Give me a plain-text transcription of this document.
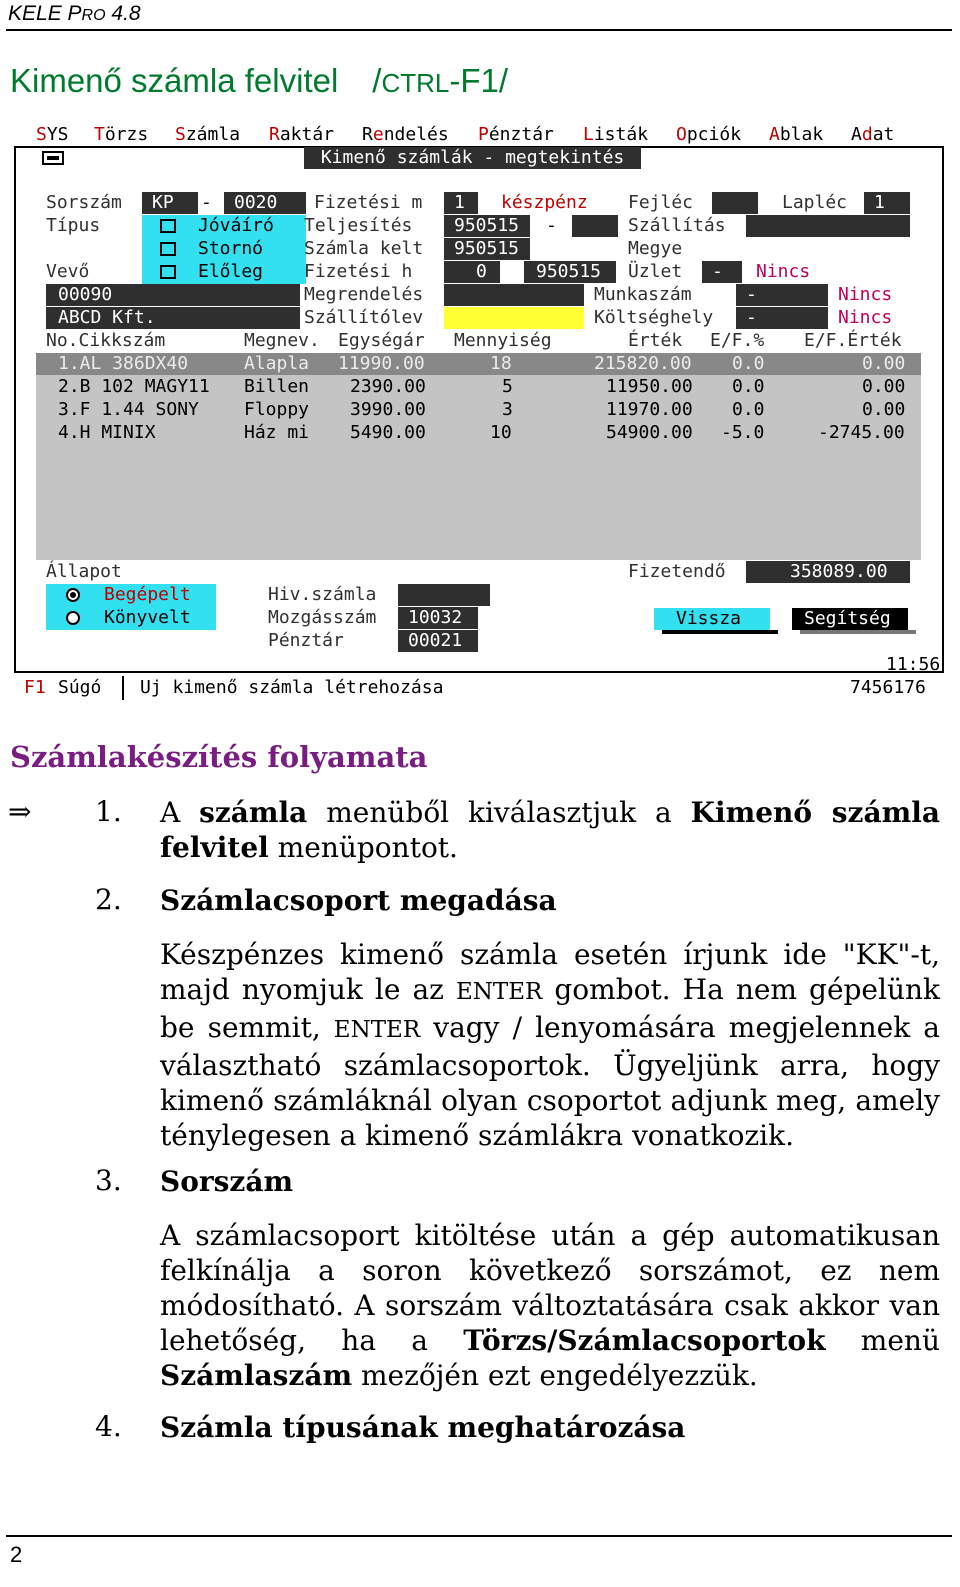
KELE PRO 4.8
Kimenő számla felvitel /CTRL-F1/
SYS Törzs Számla Raktár Rendelés Pénztár Listák Opciók Ablak Adat
Kimenő számlák - megtekintés
Sorszám KP - 0020
Típus	Jóváíró
Stornó
Előleg
Vevő
00090
ABCD Kft.
Fizetési m 1 készpénz
Teljesítés 950515 -
Számla kelt 950515
Fizetési h	0	950515
Megrendelés
Szállítólev
Fejléc	Lapléc 1
Szállítás
Megye
Üzlet - Nincs
Munkaszám	-	Nincs
Költséghely -	Nincs
No.Cikkszám	Megnev. Egységár Mennyiség	Érték E/F.% E/F.Érték
1.AL 386DX40	Alapla 11990.00	18	215820.00 0.0	0.00
2.B 102 MAGY11 Billen 2390.00	5	11950.00 0.0	0.00
3.F 1.44 SONY	Floppy 3990.00	3	11970.00 0.0	0.00
4.H MINIX	Ház mi 5490.00	10	54900.00 -5.0	-2745.00
Állapot
Begépelt
Könyvelt
Hiv.számla
Mozgásszám 10032
Pénztár	00021
Fizetendő	358089.00
Vissza	Segítség
11:56
F1 Súgó Uj kimenő számla létrehozása	7456176
Számlakészítés folyamata
⇒ 1. A számla menüből kiválasztjuk a Kimenő számla felvitel menüpontot.
2. Számlacsoport megadása
Készpénzes kimenő számla esetén írjunk ide "KK"-t, majd nyomjuk le az ENTER gombot. Ha nem gépelünk be semmit, ENTER vagy / lenyomására megjelennek a választható számlacsoportok. Ügyeljünk arra, hogy kimenő számláknál olyan csoportot adjunk meg, amely ténylegesen a kimenő számlákra vonatkozik.
3. Sorszám
A számlacsoport kitöltése után a gép automatikusan felkínálja a soron következő sorszámot, ez nem módosítható. A sorszám változtatására csak akkor van lehetőség, ha a Törzs/Számlacsoportok menü Számlaszám mezőjén ezt engedélyezzük.
4. Számla típusának meghatározása
2
